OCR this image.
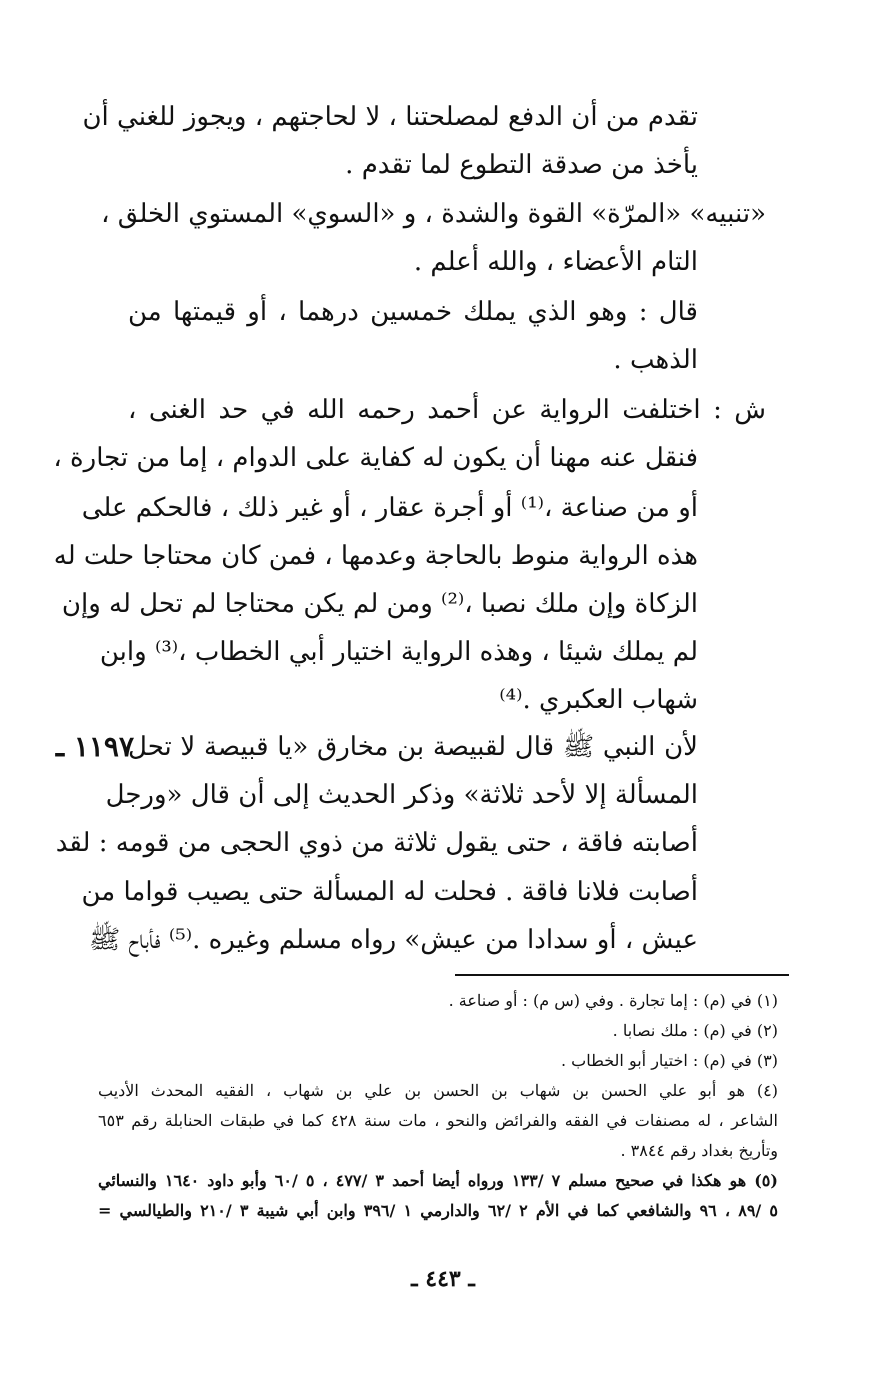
تقدم من أن الدفع لمصلحتنا ، لا لحاجتهم ، ويجوز للغني أن
يأخذ من صدقة التطوع لما تقدم .
«تنبيه» «المرّة» القوة والشدة ، و «السوي» المستوي الخلق ،
التام الأعضاء ، والله أعلم .
قال : وهو الذي يملك خمسين درهما ، أو قيمتها من
الذهب .
ش : اختلفت الرواية عن أحمد رحمه الله في حد الغنى ،
فنقل عنه مهنا أن يكون له كفاية على الدوام ، إما من تجارة ،
أو من صناعة ،⁽¹⁾ أو أجرة عقار ، أو غير ذلك ، فالحكم على
هذه الرواية منوط بالحاجة وعدمها ، فمن كان محتاجا حلت له
الزكاة وإن ملك نصبا ،⁽²⁾ ومن لم يكن محتاجا لم تحل له وإن
لم يملك شيئا ، وهذه الرواية اختيار أبي الخطاب ،⁽³⁾ وابن
شهاب العكبري .⁽⁴⁾
لأن النبي ﷺ قال لقبيصة بن مخارق «يا قبيصة لا تحل
المسألة إلا لأحد ثلاثة» وذكر الحديث إلى أن قال «ورجل
أصابته فاقة ، حتى يقول ثلاثة من ذوي الحجى من قومه : لقد
أصابت فلانا فاقة . فحلت له المسألة حتى يصيب قواما من
عيش ، أو سدادا من عيش» رواه مسلم وغيره .⁽⁵⁾ فأباح ﷺ
١١٩٧ ـ
(١) في (م) : إما تجارة . وفي (س م) : أو صناعة .
(٢) في (م) : ملك نصابا .
(٣) في (م) : اختيار أبو الخطاب .
(٤) هو أبو علي الحسن بن شهاب بن الحسن بن علي بن شهاب ، الفقيه المحدث الأديب
الشاعر ، له مصنفات في الفقه والفرائض والنحو ، مات سنة ٤٢٨ كما في طبقات الحنابلة رقم ٦٥٣
وتأريخ بغداد رقم ٣٨٤٤ .
(٥) هو هكذا في صحيح مسلم ٧ /١٣٣ ورواه أيضا أحمد ٣ /٤٧٧ ، ٥ /٦٠ وأبو داود ١٦٤٠ والنسائي
٥ /٨٩ ، ٩٦ والشافعي كما في الأم ٢ /٦٢ والدارمي ١ /٣٩٦ وابن أبي شيبة ٣ /٢١٠ والطيالسي =
ـ ٤٤٣ ـ
